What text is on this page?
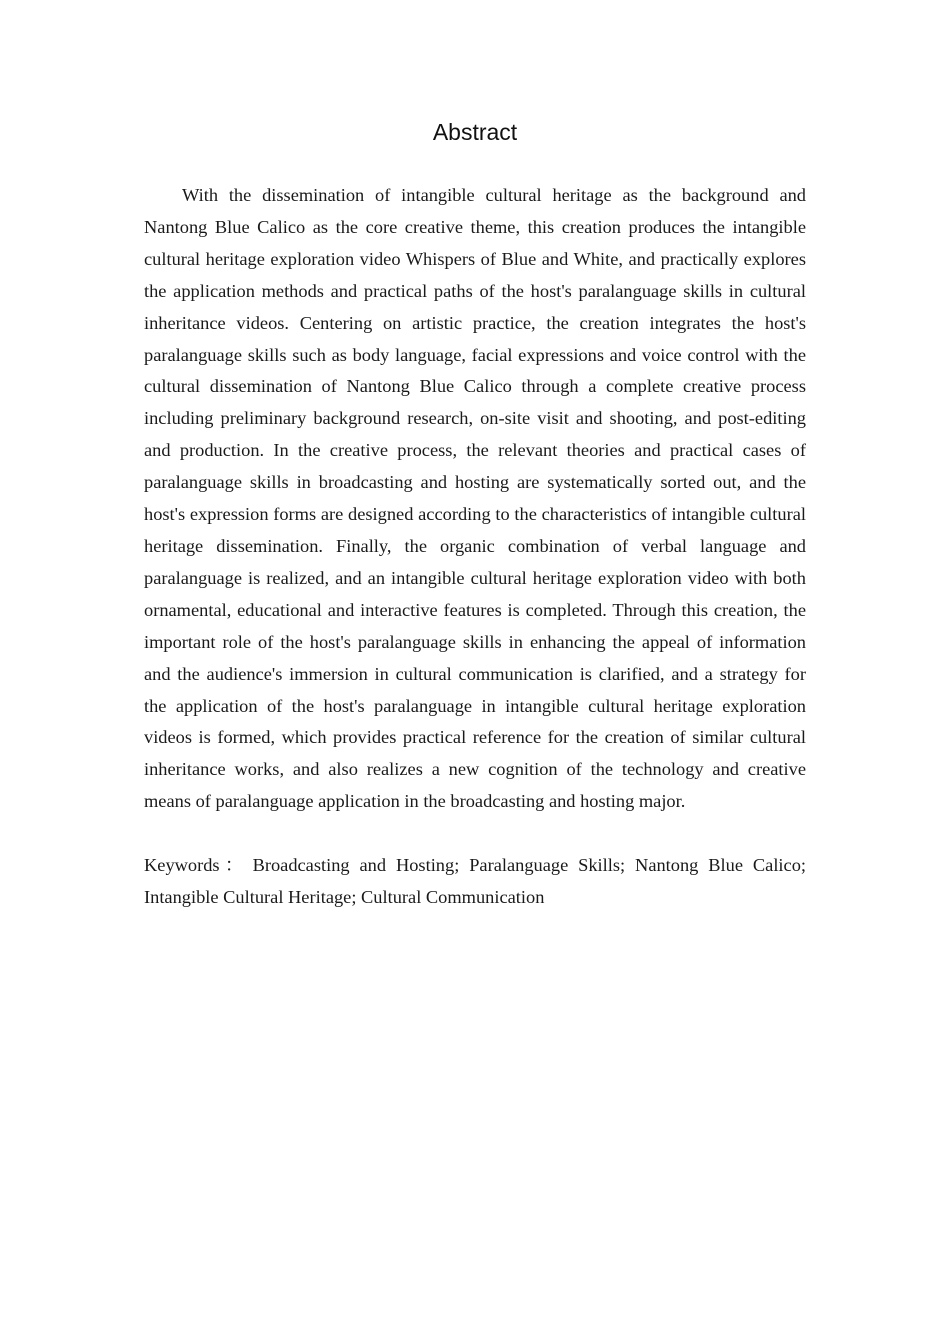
Abstract

With the dissemination of intangible cultural heritage as the background and Nantong Blue Calico as the core creative theme, this creation produces the intangible cultural heritage exploration video Whispers of Blue and White, and practically explores the application methods and practical paths of the host's paralanguage skills in cultural inheritance videos. Centering on artistic practice, the creation integrates the host's paralanguage skills such as body language, facial expressions and voice control with the cultural dissemination of Nantong Blue Calico through a complete creative process including preliminary background research, on-site visit and shooting, and post-editing and production. In the creative process, the relevant theories and practical cases of paralanguage skills in broadcasting and hosting are systematically sorted out, and the host's expression forms are designed according to the characteristics of intangible cultural heritage dissemination. Finally, the organic combination of verbal language and paralanguage is realized, and an intangible cultural heritage exploration video with both ornamental, educational and interactive features is completed. Through this creation, the important role of the host's paralanguage skills in enhancing the appeal of information and the audience's immersion in cultural communication is clarified, and a strategy for the application of the host's paralanguage in intangible cultural heritage exploration videos is formed, which provides practical reference for the creation of similar cultural inheritance works, and also realizes a new cognition of the technology and creative means of paralanguage application in the broadcasting and hosting major.

Keywords： Broadcasting and Hosting; Paralanguage Skills; Nantong Blue Calico; Intangible Cultural Heritage; Cultural Communication
